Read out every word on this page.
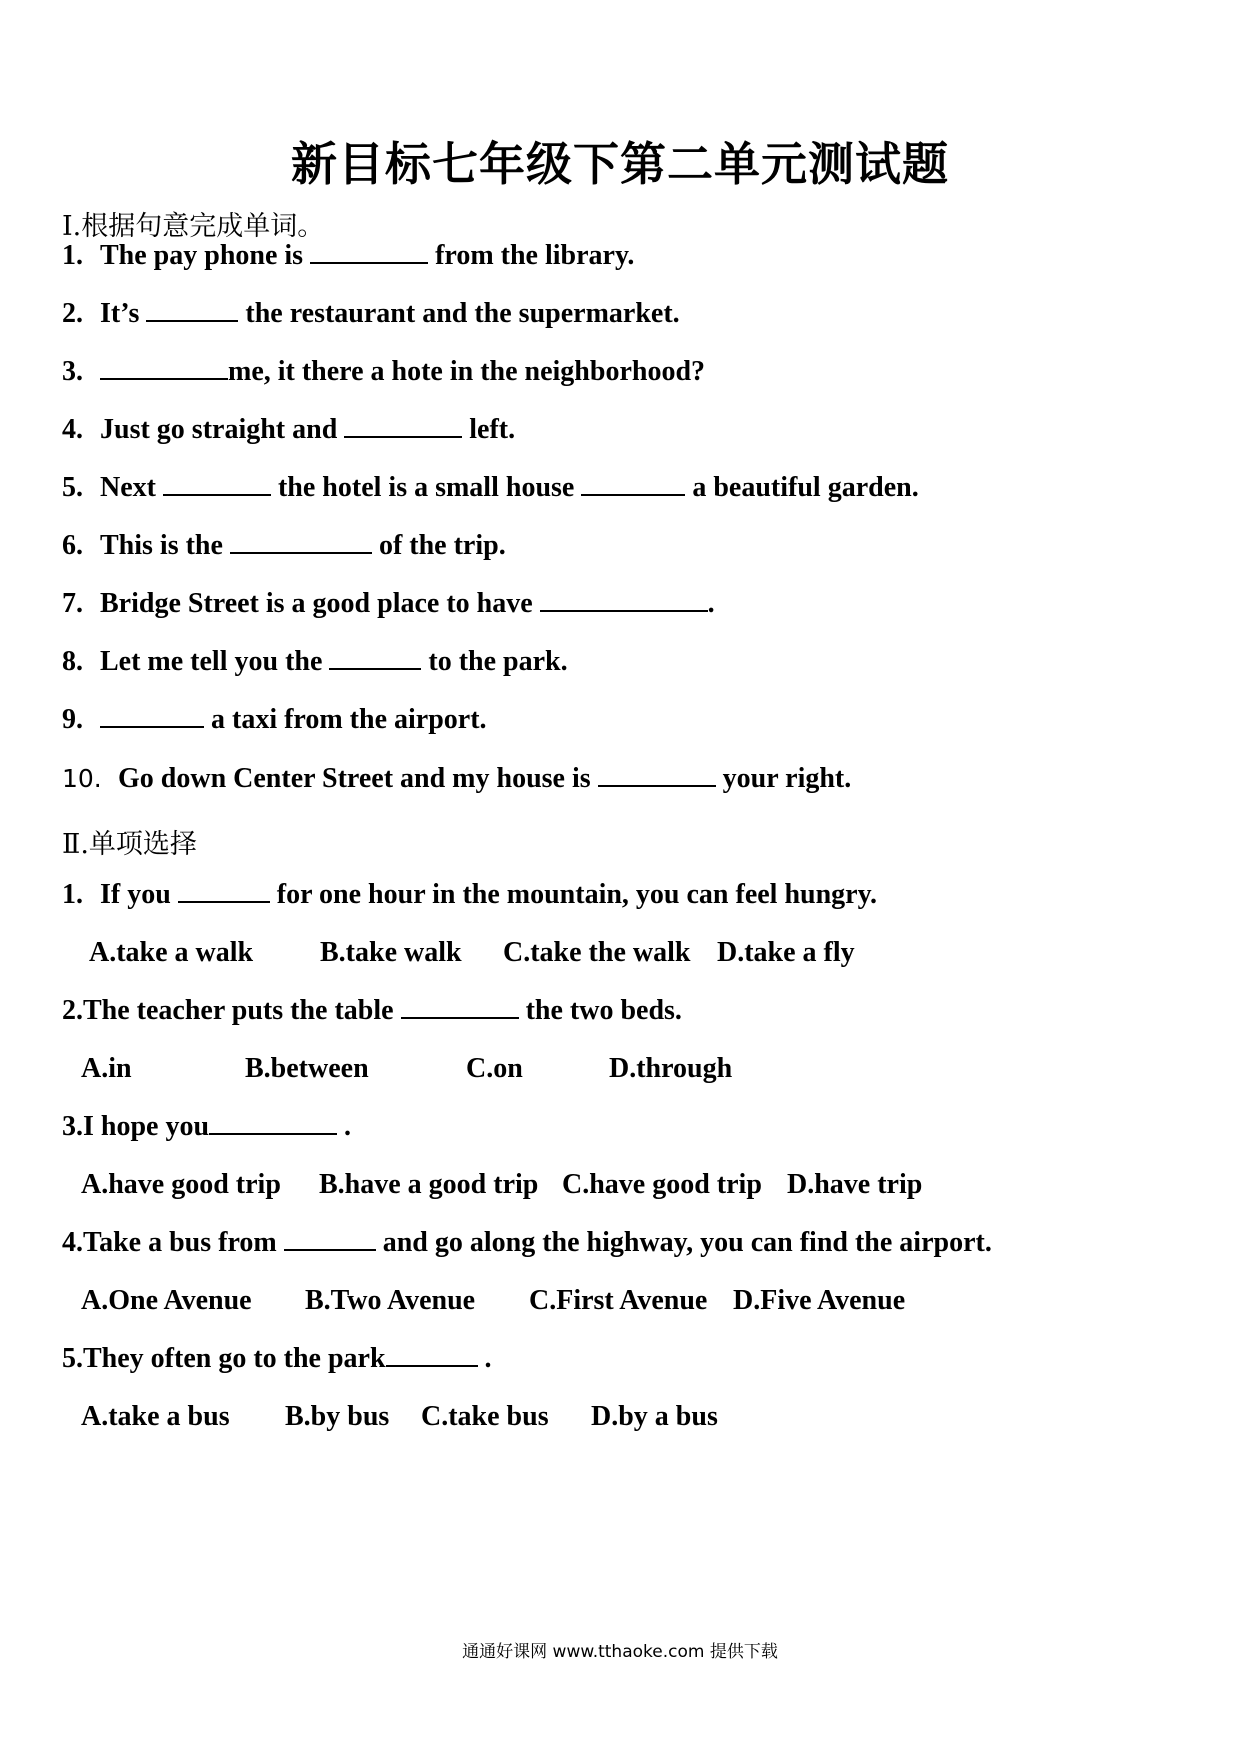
新目标七年级下第二单元测试题
Ⅰ.根据句意完成单词。
1. The pay phone is	from the library.
2. It’s	the restaurant and the supermarket.
3.	me, it there a hote in the neighborhood?
4. Just go straight and	left.
5. Next	the hotel is a small house	a beautiful garden.
6. This is the	of the trip.
7. Bridge Street is a good place to have	.
8. Let me tell you the	to the park.
9.	a taxi from the airport.
10. Go down Center Street and my house is	your right.
Ⅱ.单项选择
1. If you	for one hour in the mountain, you can feel hungry.
A.take a walk B.take walk C.take the walk D.take a fly
2.The teacher puts the table	the two beds.
A.in	B.between	C.on	D.through
3.I hope you	.
A.have good trip B.have a good trip C.have good trip D.have trip
4.Take a bus from	and go along the highway, you can find the airport.
A.One Avenue B.Two Avenue C.First Avenue D.Five Avenue
5.They often go to the park	.
A.take a bus B.by bus C.take bus D.by a bus
通通好课网 www.tthaoke.com 提供下载
